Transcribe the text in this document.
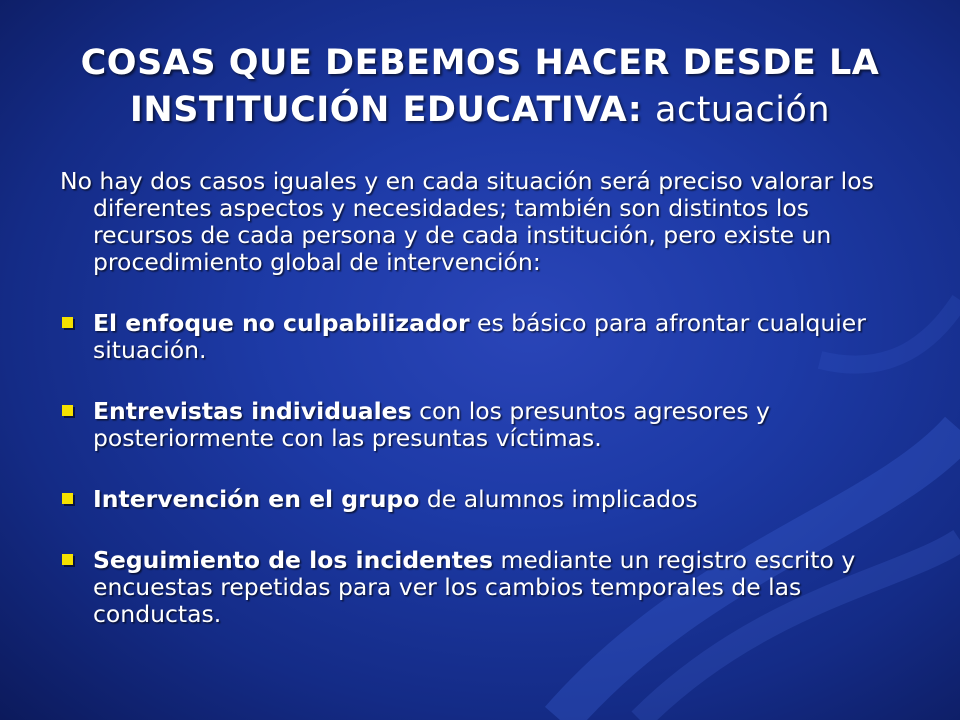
COSAS QUE DEBEMOS HACER DESDE LA INSTITUCIÓN EDUCATIVA: actuación

No hay dos casos iguales y en cada situación será preciso valorar los diferentes aspectos y necesidades; también son distintos los recursos de cada persona y de cada institución, pero existe un procedimiento global de intervención:

El enfoque no culpabilizador es básico para afrontar cualquier situación.
Entrevistas individuales con los presuntos agresores y posteriormente con las presuntas víctimas.
Intervención en el grupo de alumnos implicados
Seguimiento de los incidentes mediante un registro escrito y encuestas repetidas para ver los cambios temporales de las conductas.
